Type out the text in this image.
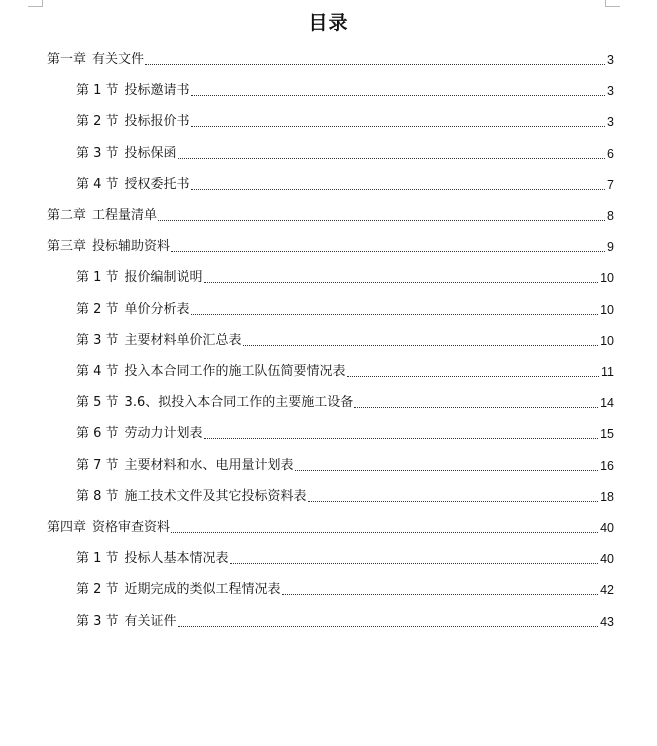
目录
第一章 有关文件	3
第 1 节 投标邀请书	3
第 2 节 投标报价书	3
第 3 节 投标保函	6
第 4 节 授权委托书	7
第二章 工程量清单	8
第三章 投标辅助资料	9
第 1 节 报价编制说明	10
第 2 节 单价分析表	10
第 3 节 主要材料单价汇总表	10
第 4 节 投入本合同工作的施工队伍简要情况表	11
第 5 节 3.6、拟投入本合同工作的主要施工设备	14
第 6 节 劳动力计划表	15
第 7 节 主要材料和水、电用量计划表	16
第 8 节 施工技术文件及其它投标资料表	18
第四章 资格审查资料	40
第 1 节 投标人基本情况表	40
第 2 节 近期完成的类似工程情况表	42
第 3 节 有关证件	43
